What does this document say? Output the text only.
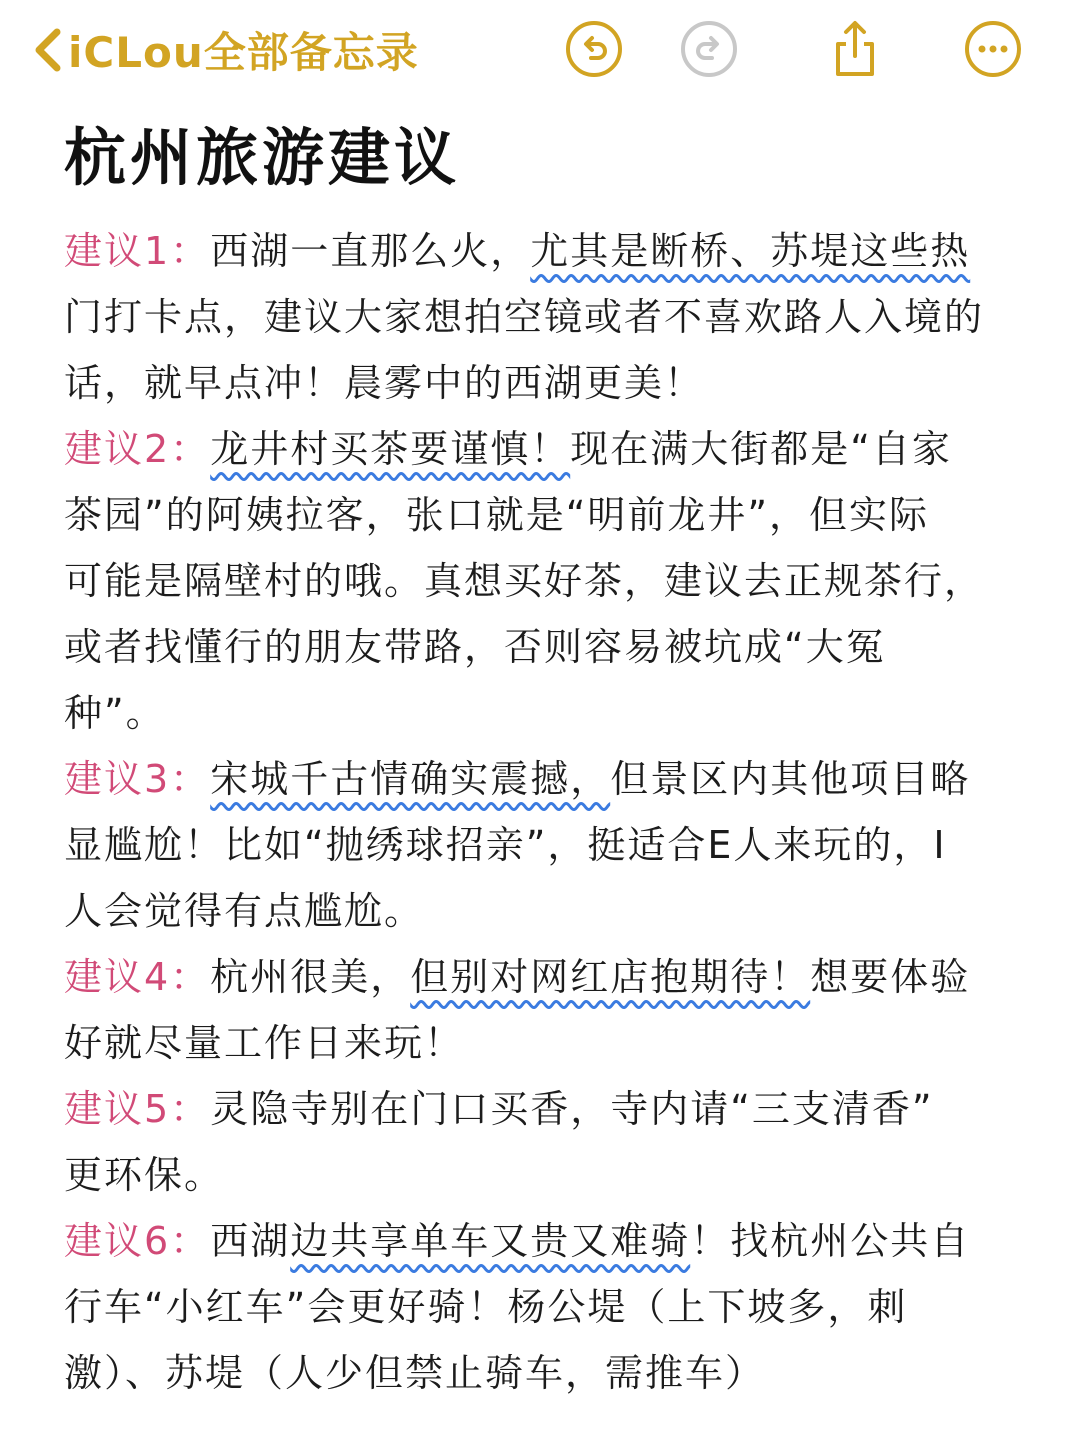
iCLou全部备忘录
杭州旅游建议
建议1：西湖一直那么火，尤其是断桥、苏堤这些热
门打卡点，建议大家想拍空镜或者不喜欢路人入境的
话，就早点冲！晨雾中的西湖更美！
建议2：龙井村买茶要谨慎！现在满大街都是“自家
茶园”的阿姨拉客，张口就是“明前龙井”，但实际
可能是隔壁村的哦。真想买好茶，建议去正规茶行，
或者找懂行的朋友带路，否则容易被坑成“大冤
种”。
建议3：宋城千古情确实震撼，但景区内其他项目略
显尴尬！比如“抛绣球招亲”，挺适合E人来玩的，I
人会觉得有点尴尬。
建议4：杭州很美，但别对网红店抱期待！想要体验
好就尽量工作日来玩！
建议5：灵隐寺别在门口买香，寺内请“三支清香”
更环保。
建议6：西湖边共享单车又贵又难骑！找杭州公共自
行车“小红车”会更好骑！杨公堤（上下坡多，刺
激）、苏堤（人少但禁止骑车，需推车）
